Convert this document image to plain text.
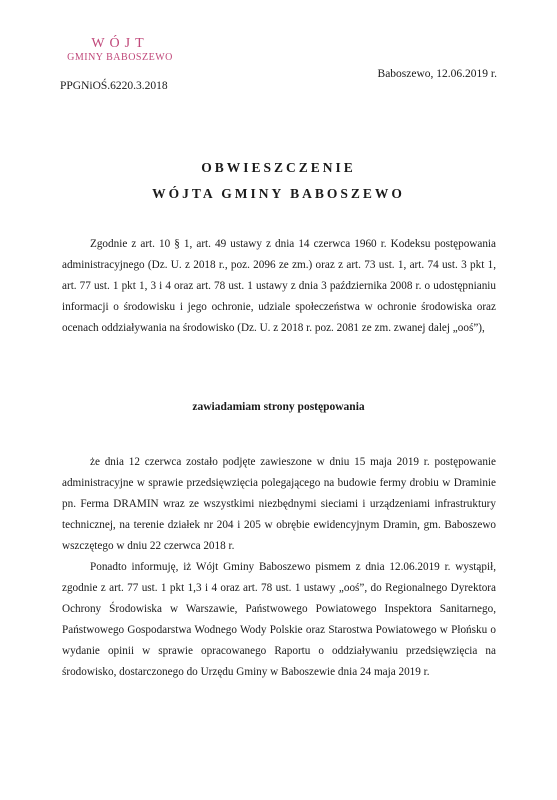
WÓJT
GMINY BABOSZEWO
PPGNiOŚ.6220.3.2018
Baboszewo, 12.06.2019 r.
OBWIESZCZENIE
WÓJTA GMINY BABOSZEWO

Zgodnie z art. 10 § 1, art. 49 ustawy z dnia 14 czerwca 1960 r. Kodeksu postępowania administracyjnego (Dz. U. z 2018 r., poz. 2096 ze zm.) oraz z art. 73 ust. 1, art. 74 ust. 3 pkt 1, art. 77 ust. 1 pkt 1, 3 i 4 oraz art. 78 ust. 1 ustawy z dnia 3 października 2008 r. o udostępnianiu informacji o środowisku i jego ochronie, udziale społeczeństwa w ochronie środowiska oraz ocenach oddziaływania na środowisko (Dz. U. z 2018 r. poz. 2081 ze zm. zwanej dalej „ooś”),

zawiadamiam strony postępowania

że dnia 12 czerwca zostało podjęte zawieszone w dniu 15 maja 2019 r. postępowanie administracyjne w sprawie przedsięwzięcia polegającego na budowie fermy drobiu w Draminie pn. Ferma DRAMIN wraz ze wszystkimi niezbędnymi sieciami i urządzeniami infrastruktury technicznej, na terenie działek nr 204 i 205 w obrębie ewidencyjnym Dramin, gm. Baboszewo wszczętego w dniu 22 czerwca 2018 r.

Ponadto informuję, iż Wójt Gminy Baboszewo pismem z dnia 12.06.2019 r. wystąpił, zgodnie z art. 77 ust. 1 pkt 1,3 i 4 oraz art. 78 ust. 1 ustawy „ooś”, do Regionalnego Dyrektora Ochrony Środowiska w Warszawie, Państwowego Powiatowego Inspektora Sanitarnego, Państwowego Gospodarstwa Wodnego Wody Polskie oraz Starostwa Powiatowego w Płońsku o wydanie opinii w sprawie opracowanego Raportu o oddziaływaniu przedsięwzięcia na środowisko, dostarczonego do Urzędu Gminy w Baboszewie dnia 24 maja 2019 r.
